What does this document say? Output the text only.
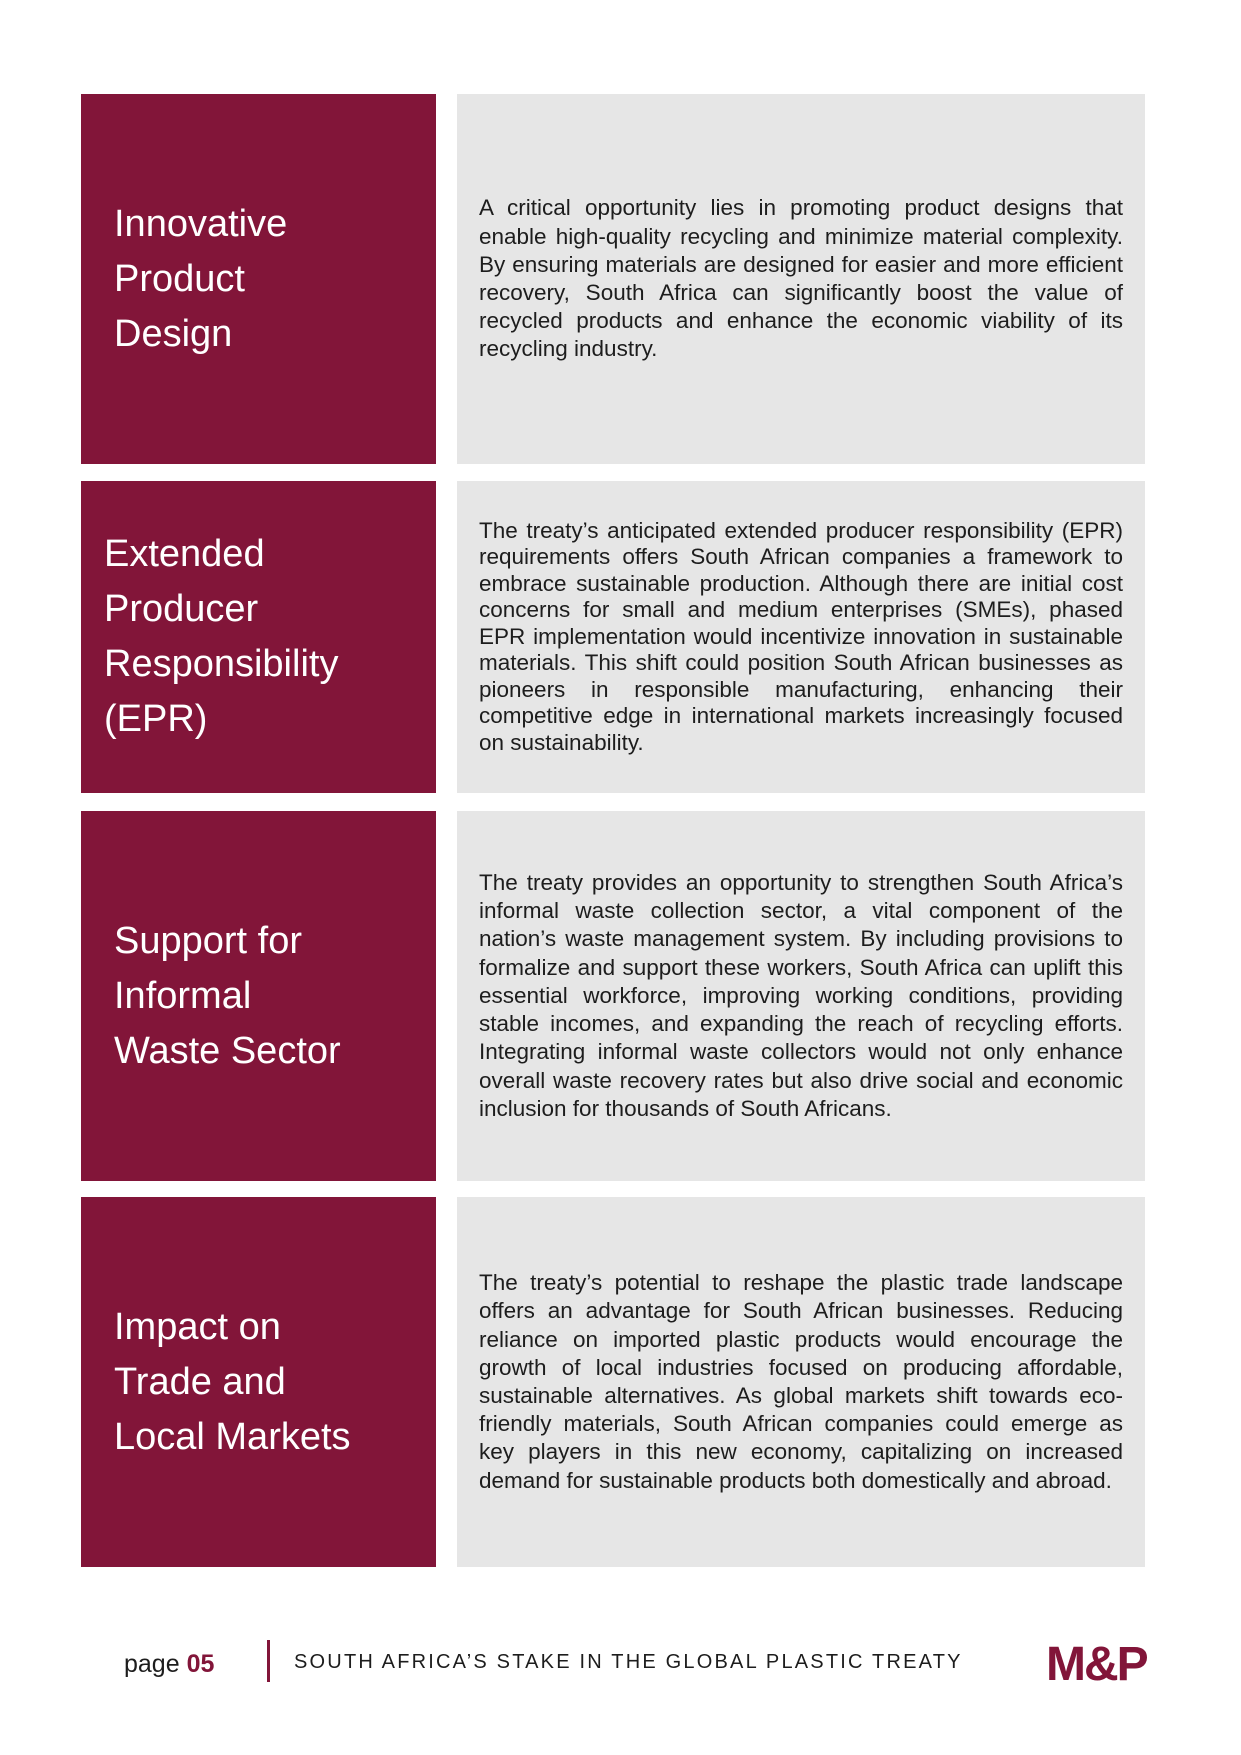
Innovative
Product
Design
A critical opportunity lies in promoting product designs that enable high-quality recycling and minimize material complexity. By ensuring materials are designed for easier and more efficient recovery, South Africa can significantly boost the value of recycled products and enhance the economic viability of its recycling industry.
Extended
Producer
Responsibility
(EPR)
The treaty’s anticipated extended producer responsibility (EPR) requirements offers South African companies a framework to embrace sustainable production. Although there are initial cost concerns for small and medium enterprises (SMEs), phased EPR implementation would incentivize innovation in sustainable materials. This shift could position South African businesses as pioneers in responsible manufacturing, enhancing their competitive edge in international markets increasingly focused on sustainability.
Support for
Informal
Waste Sector
The treaty provides an opportunity to strengthen South Africa’s informal waste collection sector, a vital component of the nation’s waste management system. By including provisions to formalize and support these workers, South Africa can uplift this essential workforce, improving working conditions, providing stable incomes, and expanding the reach of recycling efforts. Integrating informal waste collectors would not only enhance overall waste recovery rates but also drive social and economic inclusion for thousands of South Africans.
Impact on
Trade and
Local Markets
The treaty’s potential to reshape the plastic trade landscape offers an advantage for South African businesses. Reducing reliance on imported plastic products would encourage the growth of local industries focused on producing affordable, sustainable alternatives. As global markets shift towards eco-friendly materials, South African companies could emerge as key players in this new economy, capitalizing on increased demand for sustainable products both domestically and abroad.
page 05	SOUTH AFRICA’S STAKE IN THE GLOBAL PLASTIC TREATY M&P
